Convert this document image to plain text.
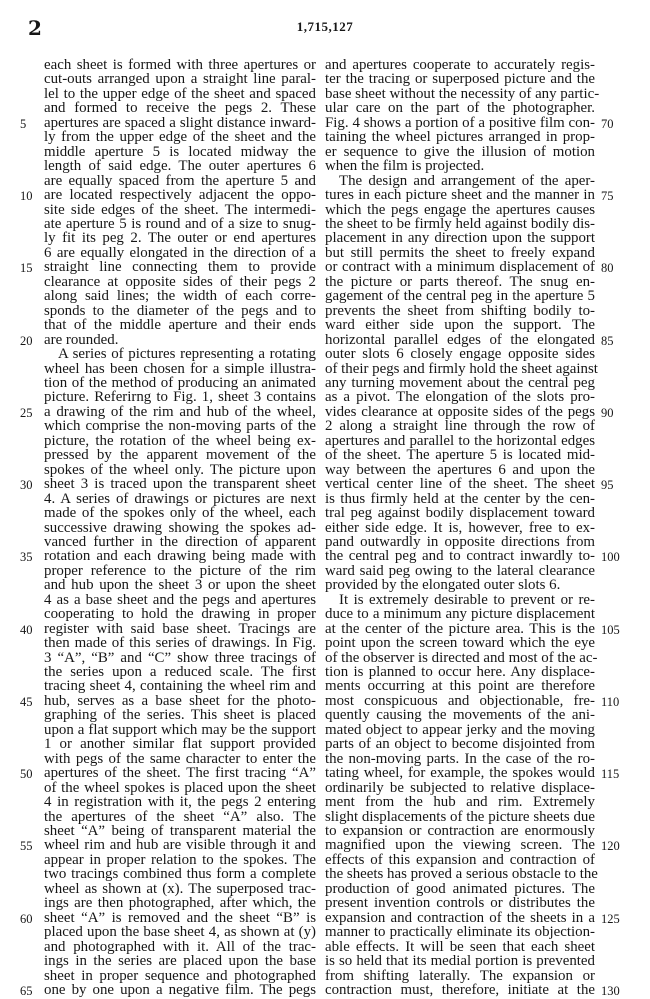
2	1,715,127
each sheet is formed with three apertures or
cut-outs arranged upon a straight line paral-
lel to the upper edge of the sheet and spaced
and formed to receive the pegs 2. These
apertures are spaced a slight distance inward-
ly from the upper edge of the sheet and the
middle aperture 5 is located midway the
length of said edge. The outer apertures 6
are equally spaced from the aperture 5 and
are located respectively adjacent the oppo-
site side edges of the sheet. The intermedi-
ate aperture 5 is round and of a size to snug-
ly fit its peg 2. The outer or end apertures
6 are equally elongated in the direction of a
straight line connecting them to provide
clearance at opposite sides of their pegs 2
along said lines; the width of each corre-
sponds to the diameter of the pegs and to
that of the middle aperture and their ends
are rounded.
A series of pictures representing a rotating
wheel has been chosen for a simple illustra-
tion of the method of producing an animated
picture. Referirng to Fig. 1, sheet 3 contains
a drawing of the rim and hub of the wheel,
which comprise the non-moving parts of the
picture, the rotation of the wheel being ex-
pressed by the apparent movement of the
spokes of the wheel only. The picture upon
sheet 3 is traced upon the transparent sheet
4. A series of drawings or pictures are next
made of the spokes only of the wheel, each
successive drawing showing the spokes ad-
vanced further in the direction of apparent
rotation and each drawing being made with
proper reference to the picture of the rim
and hub upon the sheet 3 or upon the sheet
4 as a base sheet and the pegs and apertures
cooperating to hold the drawing in proper
register with said base sheet. Tracings are
then made of this series of drawings. In Fig.
3 “A”, “B” and “C” show three tracings of
the series upon a reduced scale. The first
tracing sheet 4, containing the wheel rim and
hub, serves as a base sheet for the photo-
graphing of the series. This sheet is placed
upon a flat support which may be the support
1 or another similar flat support provided
with pegs of the same character to enter the
apertures of the sheet. The first tracing “A”
of the wheel spokes is placed upon the sheet
4 in registration with it, the pegs 2 entering
the apertures of the sheet “A” also. The
sheet “A” being of transparent material the
wheel rim and hub are visible through it and
appear in proper relation to the spokes. The
two tracings combined thus form a complete
wheel as shown at (x). The superposed trac-
ings are then photographed, after which, the
sheet “A” is removed and the sheet “B” is
placed upon the base sheet 4, as shown at (y)
and photographed with it. All of the trac-
ings in the series are placed upon the base
sheet in proper sequence and photographed
one by one upon a negative film. The pegs
and apertures cooperate to accurately regis-
ter the tracing or superposed picture and the
base sheet without the necessity of any partic-
ular care on the part of the photographer.
Fig. 4 shows a portion of a positive film con-
taining the wheel pictures arranged in prop-
er sequence to give the illusion of motion
when the film is projected.
The design and arrangement of the aper-
tures in each picture sheet and the manner in
which the pegs engage the apertures causes
the sheet to be firmly held against bodily dis-
placement in any direction upon the support
but still permits the sheet to freely expand
or contract with a minimum displacement of
the picture or parts thereof. The snug en-
gagement of the central peg in the aperture 5
prevents the sheet from shifting bodily to-
ward either side upon the support. The
horizontal parallel edges of the elongated
outer slots 6 closely engage opposite sides
of their pegs and firmly hold the sheet against
any turning movement about the central peg
as a pivot. The elongation of the slots pro-
vides clearance at opposite sides of the pegs
2 along a straight line through the row of
apertures and parallel to the horizontal edges
of the sheet. The aperture 5 is located mid-
way between the apertures 6 and upon the
vertical center line of the sheet. The sheet
is thus firmly held at the center by the cen-
tral peg against bodily displacement toward
either side edge. It is, however, free to ex-
pand outwardly in opposite directions from
the central peg and to contract inwardly to-
ward said peg owing to the lateral clearance
provided by the elongated outer slots 6.
It is extremely desirable to prevent or re-
duce to a minimum any picture displacement
at the center of the picture area. This is the
point upon the screen toward which the eye
of the observer is directed and most of the ac-
tion is planned to occur here. Any displace-
ments occurring at this point are therefore
most conspicuous and objectionable, fre-
quently causing the movements of the ani-
mated object to appear jerky and the moving
parts of an object to become disjointed from
the non-moving parts. In the case of the ro-
tating wheel, for example, the spokes would
ordinarily be subjected to relative displace-
ment from the hub and rim. Extremely
slight displacements of the picture sheets due
to expansion or contraction are enormously
magnified upon the viewing screen. The
effects of this expansion and contraction of
the sheets has proved a serious obstacle to the
production of good animated pictures. The
present invention controls or distributes the
expansion and contraction of the sheets in a
manner to practically eliminate its objection-
able effects. It will be seen that each sheet
is so held that its medial portion is prevented
from shifting laterally. The expansion or
contraction must, therefore, initiate at the
5
10
15
20
25
30
35
40
45
50
55
60
65
70
75
80
85
90
95
100
105
110
115
120
125
130
